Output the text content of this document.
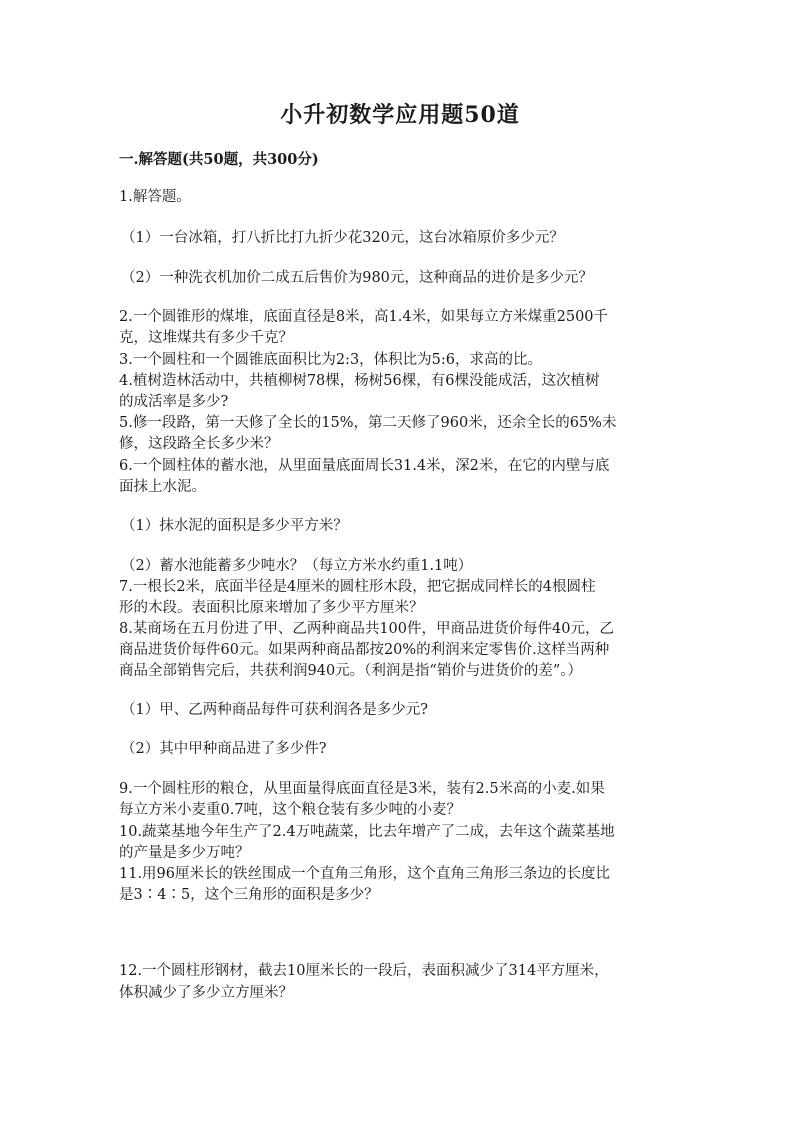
小升初数学应用题50道
一.解答题(共50题，共300分)
1.解答题。
（1）一台冰箱，打八折比打九折少花320元，这台冰箱原价多少元？
（2）一种洗衣机加价二成五后售价为980元，这种商品的进价是多少元？
2.一个圆锥形的煤堆，底面直径是8米，高1.4米，如果每立方米煤重2500千
克，这堆煤共有多少千克？
3.一个圆柱和一个圆锥底面积比为2:3，体积比为5:6，求高的比。
4.植树造林活动中，共植柳树78棵，杨树56棵，有6棵没能成活，这次植树
的成活率是多少?
5.修一段路，第一天修了全长的15%，第二天修了960米，还余全长的65%未
修，这段路全长多少米？
6.一个圆柱体的蓄水池，从里面量底面周长31.4米，深2米，在它的内壁与底
面抹上水泥。
（1）抹水泥的面积是多少平方米？
（2）蓄水池能蓄多少吨水？（每立方米水约重1.1吨）
7.一根长2米，底面半径是4厘米的圆柱形木段，把它据成同样长的4根圆柱
形的木段。表面积比原来增加了多少平方厘米？
8.某商场在五月份进了甲、乙两种商品共100件，甲商品进货价每件40元，乙
商品进货价每件60元。如果两种商品都按20%的利润来定零售价.这样当两种
商品全部销售完后，共获利润940元。（利润是指“销价与进货价的差”。）
（1）甲、乙两种商品每件可获利润各是多少元?
（2）其中甲种商品进了多少件?
9.一个圆柱形的粮仓，从里面量得底面直径是3米，装有2.5米高的小麦.如果
每立方米小麦重0.7吨，这个粮仓装有多少吨的小麦？
10.蔬菜基地今年生产了2.4万吨蔬菜，比去年增产了二成，去年这个蔬菜基地
的产量是多少万吨？
11.用96厘米长的铁丝围成一个直角三角形，这个直角三角形三条边的长度比
是3∶4∶5，这个三角形的面积是多少？
12.一个圆柱形钢材，截去10厘米长的一段后，表面积减少了314平方厘米，
体积减少了多少立方厘米？
